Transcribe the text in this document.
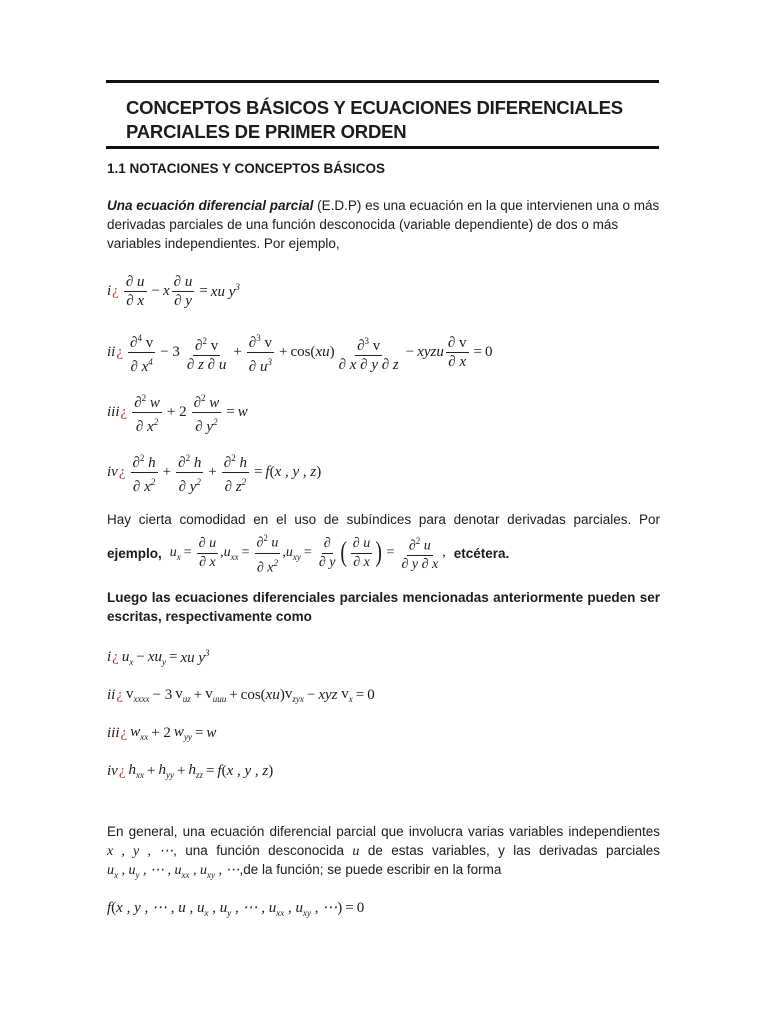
CONCEPTOS BÁSICOS Y ECUACIONES DIFERENCIALES PARCIALES DE PRIMER ORDEN
1.1 NOTACIONES Y CONCEPTOS BÁSICOS
Una ecuación diferencial parcial (E.D.P) es una ecuación en la que intervienen una o más derivadas parciales de una función desconocida (variable dependiente) de dos o más variables independientes. Por ejemplo,
i ¿ $\frac{\partial u}{\partial x} - x \frac{\partial u}{\partial y}$ = xu $y^3$
ii ¿ $\frac{\partial^4 v}{\partial x^4} - 3 \frac{\partial^2 v}{\partial z \partial u} + \frac{\partial^3 v}{\partial u^3} + \cos(xu) \frac{\partial^3 v}{\partial x \partial y \partial z}$ − xyzu $\frac{\partial v}{\partial x} = 0$
iii ¿ $\frac{\partial^2 w}{\partial x^2} + 2 \frac{\partial^2 w}{\partial y^2} = w$
iv ¿ $\frac{\partial^2 h}{\partial x^2} + \frac{\partial^2 h}{\partial y^2} + \frac{\partial^2 h}{\partial z^2} = f$ ( x , y , z )
Hay cierta comodidad en el uso de subíndices para denotar derivadas parciales. Por
ejemplo, $u_x = \frac{\partial u}{\partial x}$ , $u_{xx} = \frac{\partial^2 u}{\partial x^2}$ , $u_{xy} = \frac{\partial}{\partial y}$ ( $\frac{\partial u}{\partial x}$ ) = $\frac{\partial^2 u}{\partial y \partial x}$ , etcétera.
Luego las ecuaciones diferenciales parciales mencionadas anteriormente pueden ser escritas, respectivamente como
i ¿ $u_x - xu_y$ = xu $y^3$
ii ¿ $v_{xxxx} - 3$ $v_{uz} + v_{uuu} + \cos(xu) v_{zyx}$ − xyz
$v_x = 0$
iii ¿ $w_{xx} + 2$ $w_{yy} = w$
iv ¿ $h_{xx} + h_{yy} + h_{zz} = f$ ( x , y , z )
En general, una ecuación diferencial parcial que involucra varias variables independientes
x , y , ⋯, una función desconocida u de estas variables, y las derivadas parciales
$u_x$ , $u_y$ , ⋯ , $u_{xx}$ , $u_{xy}$ , ⋯,de la función; se puede escribir en la forma
f ( x , y , ⋯ , u , $u_x$ , $u_y$ , ⋯ , $u_{xx}$ , $u_{xy}$ , ⋯ ) = 0
